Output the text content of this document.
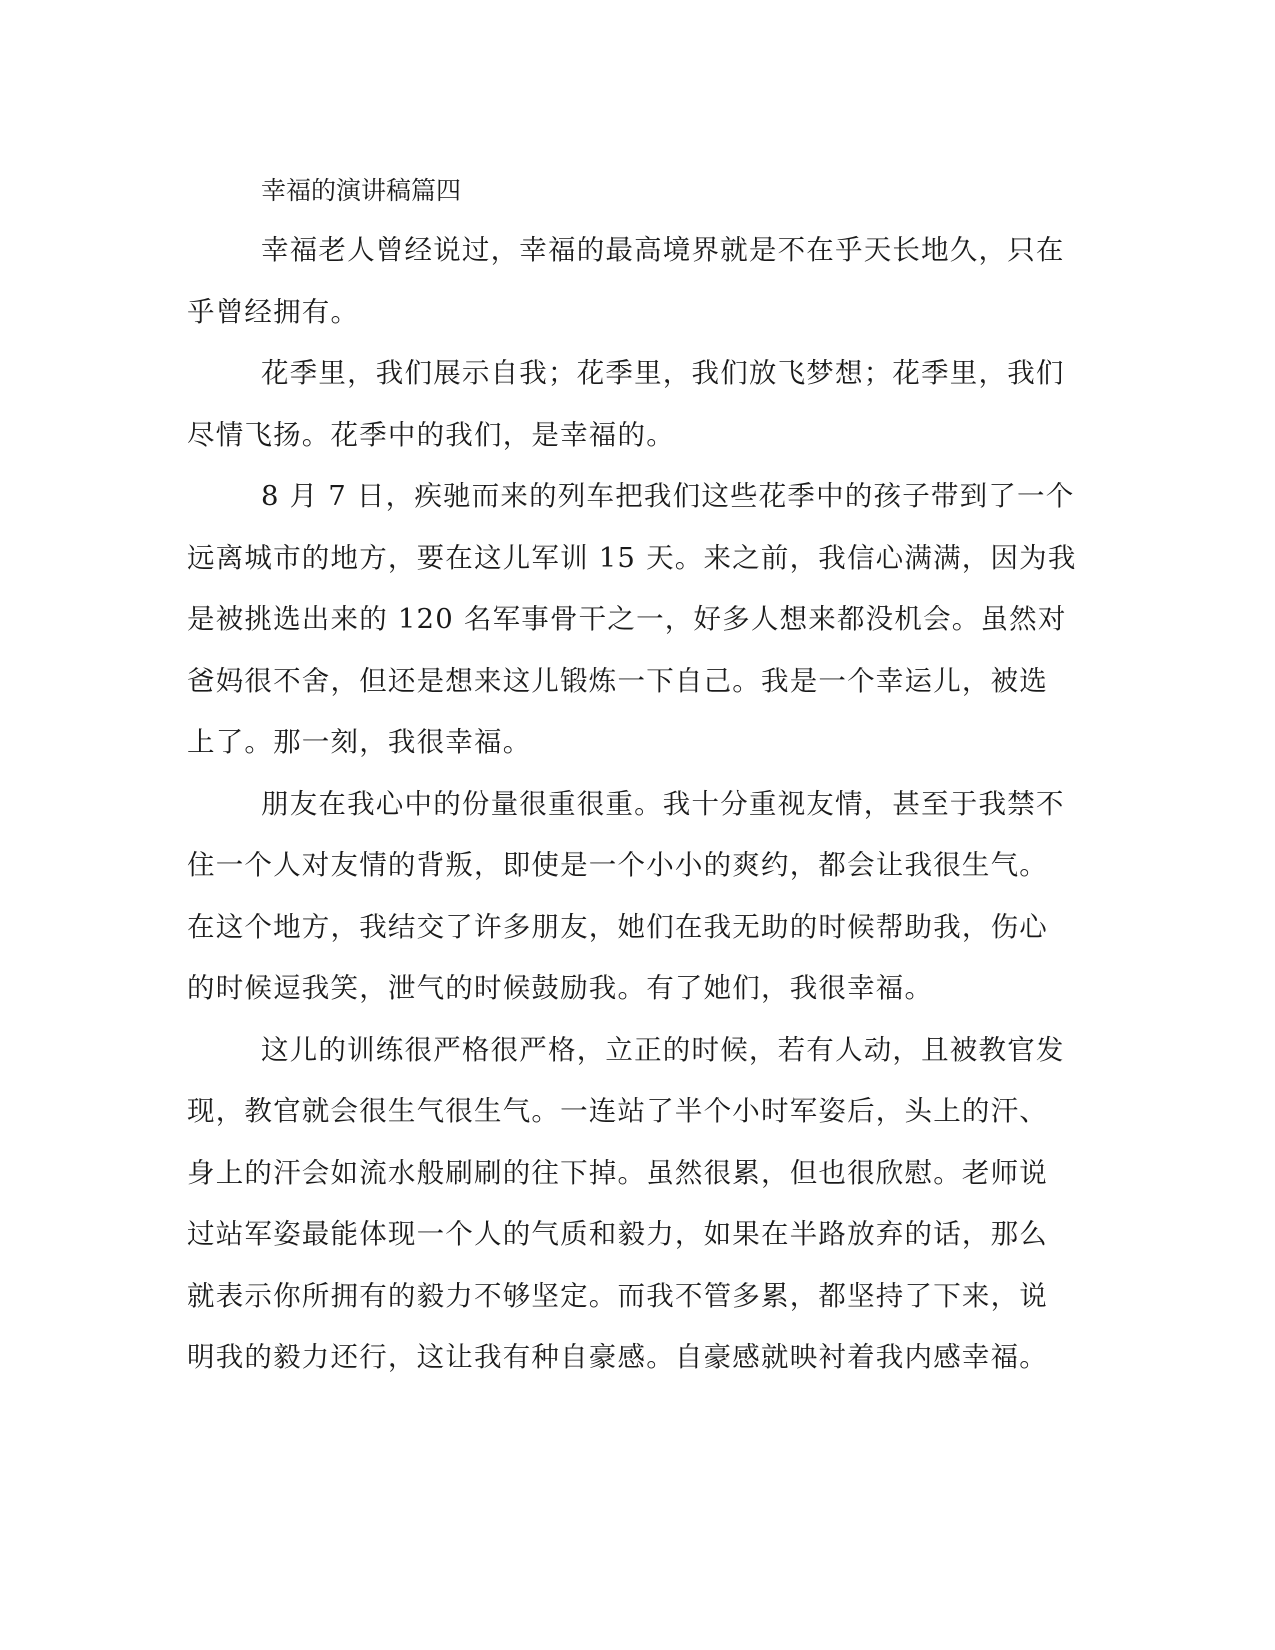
幸福的演讲稿篇四

幸福老人曾经说过，幸福的最高境界就是不在乎天长地久，只在
乎曾经拥有。

花季里，我们展示自我；花季里，我们放飞梦想；花季里，我们
尽情飞扬。花季中的我们，是幸福的。

8 月 7 日，疾驰而来的列车把我们这些花季中的孩子带到了一个
远离城市的地方，要在这儿军训 15 天。来之前，我信心满满，因为我
是被挑选出来的 120 名军事骨干之一，好多人想来都没机会。虽然对
爸妈很不舍，但还是想来这儿锻炼一下自己。我是一个幸运儿，被选
上了。那一刻，我很幸福。

朋友在我心中的份量很重很重。我十分重视友情，甚至于我禁不
住一个人对友情的背叛，即使是一个小小的爽约，都会让我很生气。
在这个地方，我结交了许多朋友，她们在我无助的时候帮助我，伤心
的时候逗我笑，泄气的时候鼓励我。有了她们，我很幸福。

这儿的训练很严格很严格，立正的时候，若有人动，且被教官发
现，教官就会很生气很生气。一连站了半个小时军姿后，头上的汗、
身上的汗会如流水般刷刷的往下掉。虽然很累，但也很欣慰。老师说
过站军姿最能体现一个人的气质和毅力，如果在半路放弃的话，那么
就表示你所拥有的毅力不够坚定。而我不管多累，都坚持了下来，说
明我的毅力还行，这让我有种自豪感。自豪感就映衬着我内感幸福。
